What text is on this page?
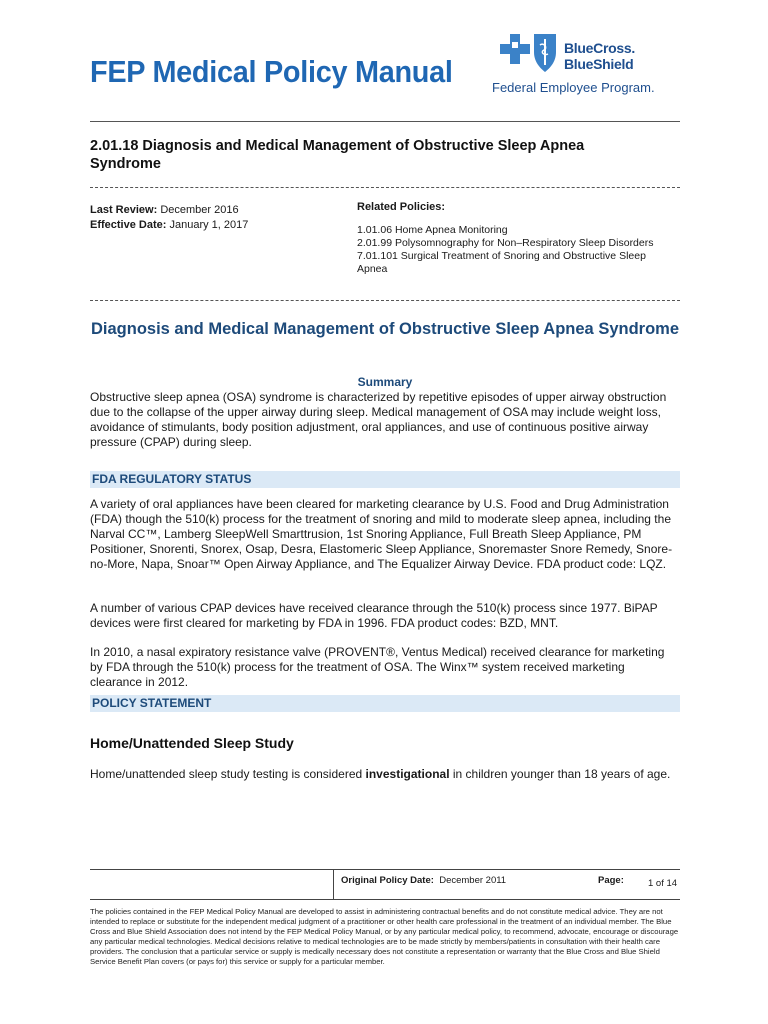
FEP Medical Policy Manual
BlueCross.
BlueShield
Federal Employee Program.
2.01.18 Diagnosis and Medical Management of Obstructive Sleep Apnea Syndrome
Last Review: December 2016
Effective Date: January 1, 2017
Related Policies:
1.01.06 Home Apnea Monitoring
2.01.99 Polysomnography for Non–Respiratory Sleep Disorders
7.01.101 Surgical Treatment of Snoring and Obstructive Sleep Apnea
Diagnosis and Medical Management of Obstructive Sleep Apnea Syndrome
Summary
Obstructive sleep apnea (OSA) syndrome is characterized by repetitive episodes of upper airway obstruction due to the collapse of the upper airway during sleep. Medical management of OSA may include weight loss, avoidance of stimulants, body position adjustment, oral appliances, and use of continuous positive airway pressure (CPAP) during sleep.
FDA REGULATORY STATUS
A variety of oral appliances have been cleared for marketing clearance by U.S. Food and Drug Administration (FDA) though the 510(k) process for the treatment of snoring and mild to moderate sleep apnea, including the Narval CC™, Lamberg SleepWell Smarttrusion, 1st Snoring Appliance, Full Breath Sleep Appliance, PM Positioner, Snorenti, Snorex, Osap, Desra, Elastomeric Sleep Appliance, Snoremaster Snore Remedy, Snore-no-More, Napa, Snoar™ Open Airway Appliance, and The Equalizer Airway Device. FDA product code: LQZ.
A number of various CPAP devices have received clearance through the 510(k) process since 1977. BiPAP devices were first cleared for marketing by FDA in 1996. FDA product codes: BZD, MNT.
In 2010, a nasal expiratory resistance valve (PROVENT®, Ventus Medical) received clearance for marketing by FDA through the 510(k) process for the treatment of OSA. The Winx™ system received marketing clearance in 2012.
POLICY STATEMENT
Home/Unattended Sleep Study
Home/unattended sleep study testing is considered investigational in children younger than 18 years of age.
Original Policy Date: December 2011	Page:	1 of 14
The policies contained in the FEP Medical Policy Manual are developed to assist in administering contractual benefits and do not constitute medical advice. They are not intended to replace or substitute for the independent medical judgment of a practitioner or other health care professional in the treatment of an individual member. The Blue Cross and Blue Shield Association does not intend by the FEP Medical Policy Manual, or by any particular medical policy, to recommend, advocate, encourage or discourage any particular medical technologies. Medical decisions relative to medical technologies are to be made strictly by members/patients in consultation with their health care providers. The conclusion that a particular service or supply is medically necessary does not constitute a representation or warranty that the Blue Cross and Blue Shield Service Benefit Plan covers (or pays for) this service or supply for a particular member.
